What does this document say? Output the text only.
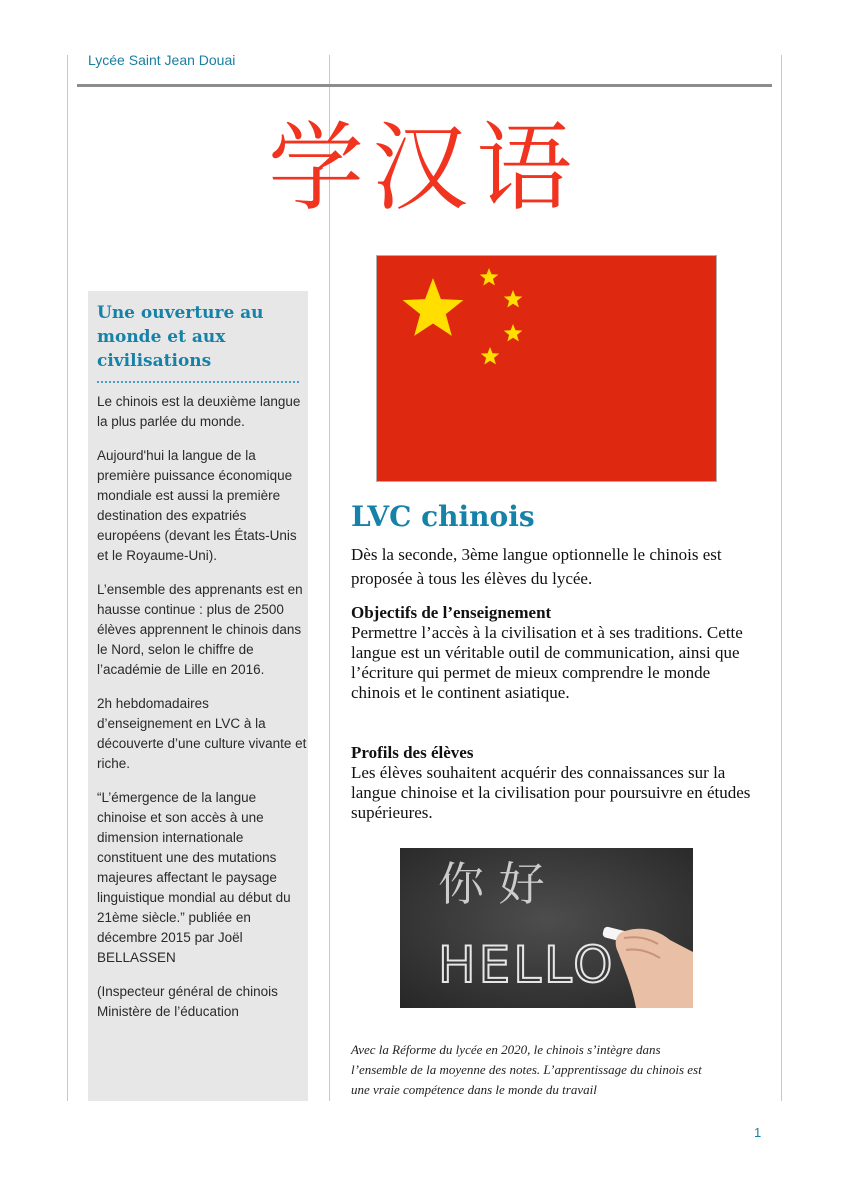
Lycée Saint Jean Douai
学汉语
Une ouverture au monde et aux civilisations

Le chinois est la deuxième langue la plus parlée du monde.

Aujourd'hui la langue de la première puissance économique mondiale est aussi la première destination des expatriés européens (devant les États-Unis et le Royaume-Uni).

L’ensemble des apprenants est en hausse continue : plus de 2500 élèves apprennent le chinois dans le Nord, selon le chiffre de l’académie de Lille en 2016.

2h hebdomadaires d’enseignement en LVC à la découverte d’une culture vivante et riche.

“L’émergence de la langue chinoise et son accès à une dimension internationale constituent une des mutations majeures affectant le paysage linguistique mondial au début du 21ème siècle.” publiée en décembre 2015 par Joël BELLASSEN

(Inspecteur général de chinois Ministère de l’éducation

LVC chinois

Dès la seconde, 3ème langue optionnelle le chinois est proposée à tous les élèves du lycée.

Objectifs de l’enseignement
Permettre l’accès à la civilisation et à ses traditions. Cette langue est un véritable outil de communication, ainsi que l’écriture qui permet de mieux comprendre le monde chinois et le continent asiatique.
Profils des élèves
Les élèves souhaitent acquérir des connaissances sur la langue chinoise et la civilisation pour poursuivre en études supérieures.
你 好
HELLO

Avec la Réforme du lycée en 2020, le chinois s’intègre dans l’ensemble de la moyenne des notes. L’apprentissage du chinois est une vraie compétence dans le monde du travail

1
